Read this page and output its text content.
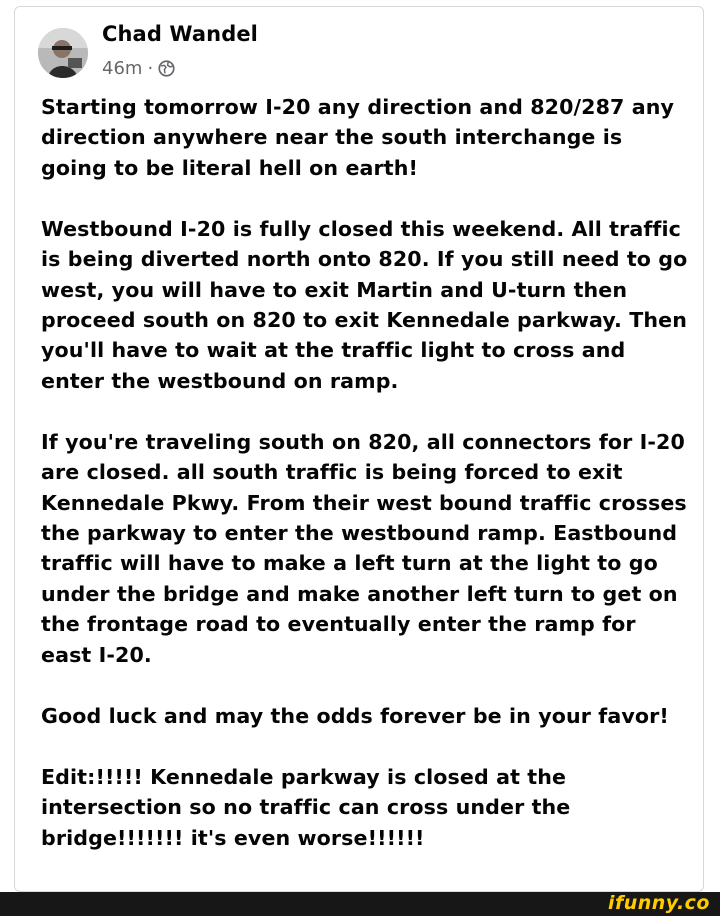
Chad Wandel
46m ·

Starting tomorrow I-20 any direction and 820/287 any direction anywhere near the south interchange is going to be literal hell on earth!

Westbound I-20 is fully closed this weekend. All traffic is being diverted north onto 820. If you still need to go west, you will have to exit Martin and U-turn then proceed south on 820 to exit Kennedale parkway. Then you'll have to wait at the traffic light to cross and enter the westbound on ramp.

If you're traveling south on 820, all connectors for I-20 are closed. all south traffic is being forced to exit Kennedale Pkwy. From their west bound traffic crosses the parkway to enter the westbound ramp. Eastbound traffic will have to make a left turn at the light to go under the bridge and make another left turn to get on the frontage road to eventually enter the ramp for east I-20.

Good luck and may the odds forever be in your favor!

Edit:!!!!! Kennedale parkway is closed at the intersection so no traffic can cross under the bridge!!!!!!! it's even worse!!!!!!

ifunny.co
